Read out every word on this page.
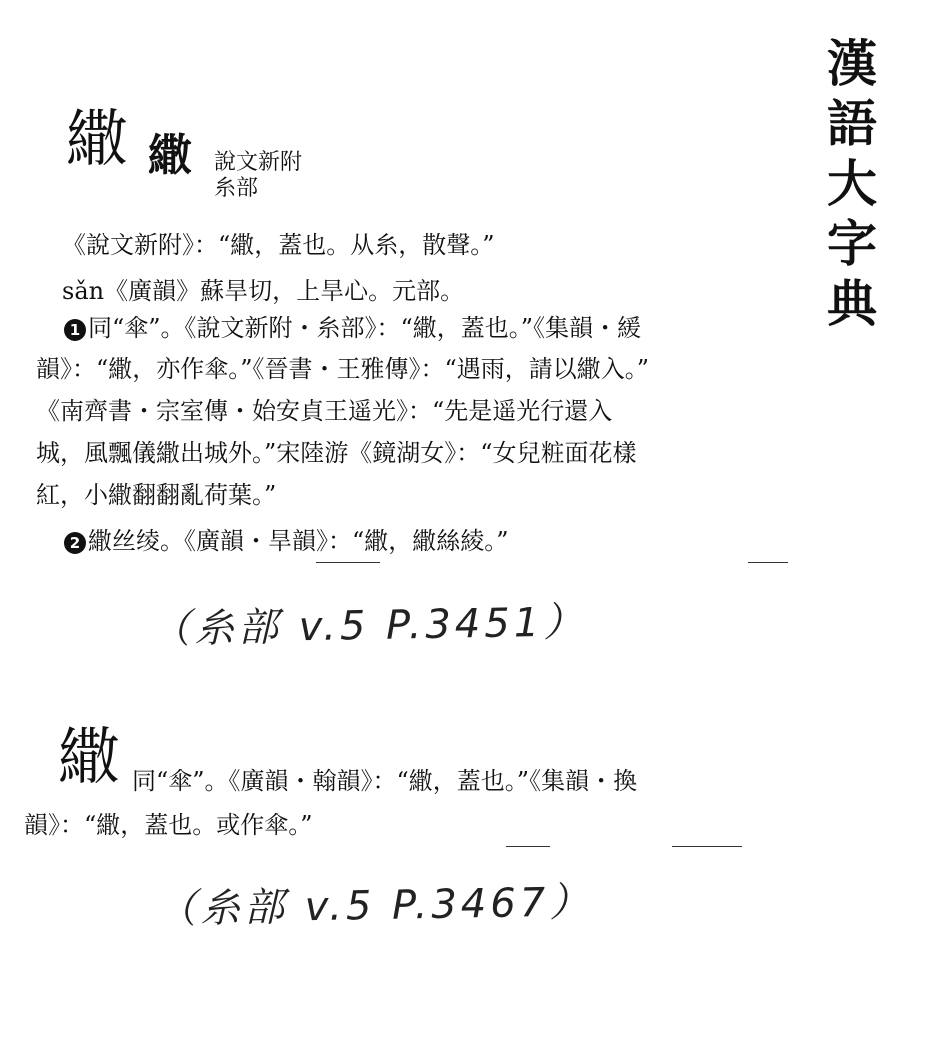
漢
語
大
字
典
繖 繖 說文新附
糸部
《說文新附》：“繖，蓋也。从糸，散聲。”
sǎn《廣韻》蘇旱切，上旱心。元部。
1 同“傘”。《說文新附・糸部》：“繖，蓋也。”《集韻・緩
韻》：“繖，亦作傘。”《晉書・王雅傳》：“遇雨，請以繖入。”
《南齊書・宗室傳・始安貞王遥光》：“先是遥光行還入
城，風飄儀繖出城外。”宋陸游《鏡湖女》：“女兒粧面花樣
紅，小繖翻翻亂荷葉。”
2 繖丝绫。《廣韻・旱韻》：“繖，繖絲綾。”
（糸部 v.5 P.3451）
繖 同“傘”。《廣韻・翰韻》：“繖，蓋也。”《集韻・換
韻》：“繖，蓋也。或作傘。”
（糸部 v.5 P.3467）
